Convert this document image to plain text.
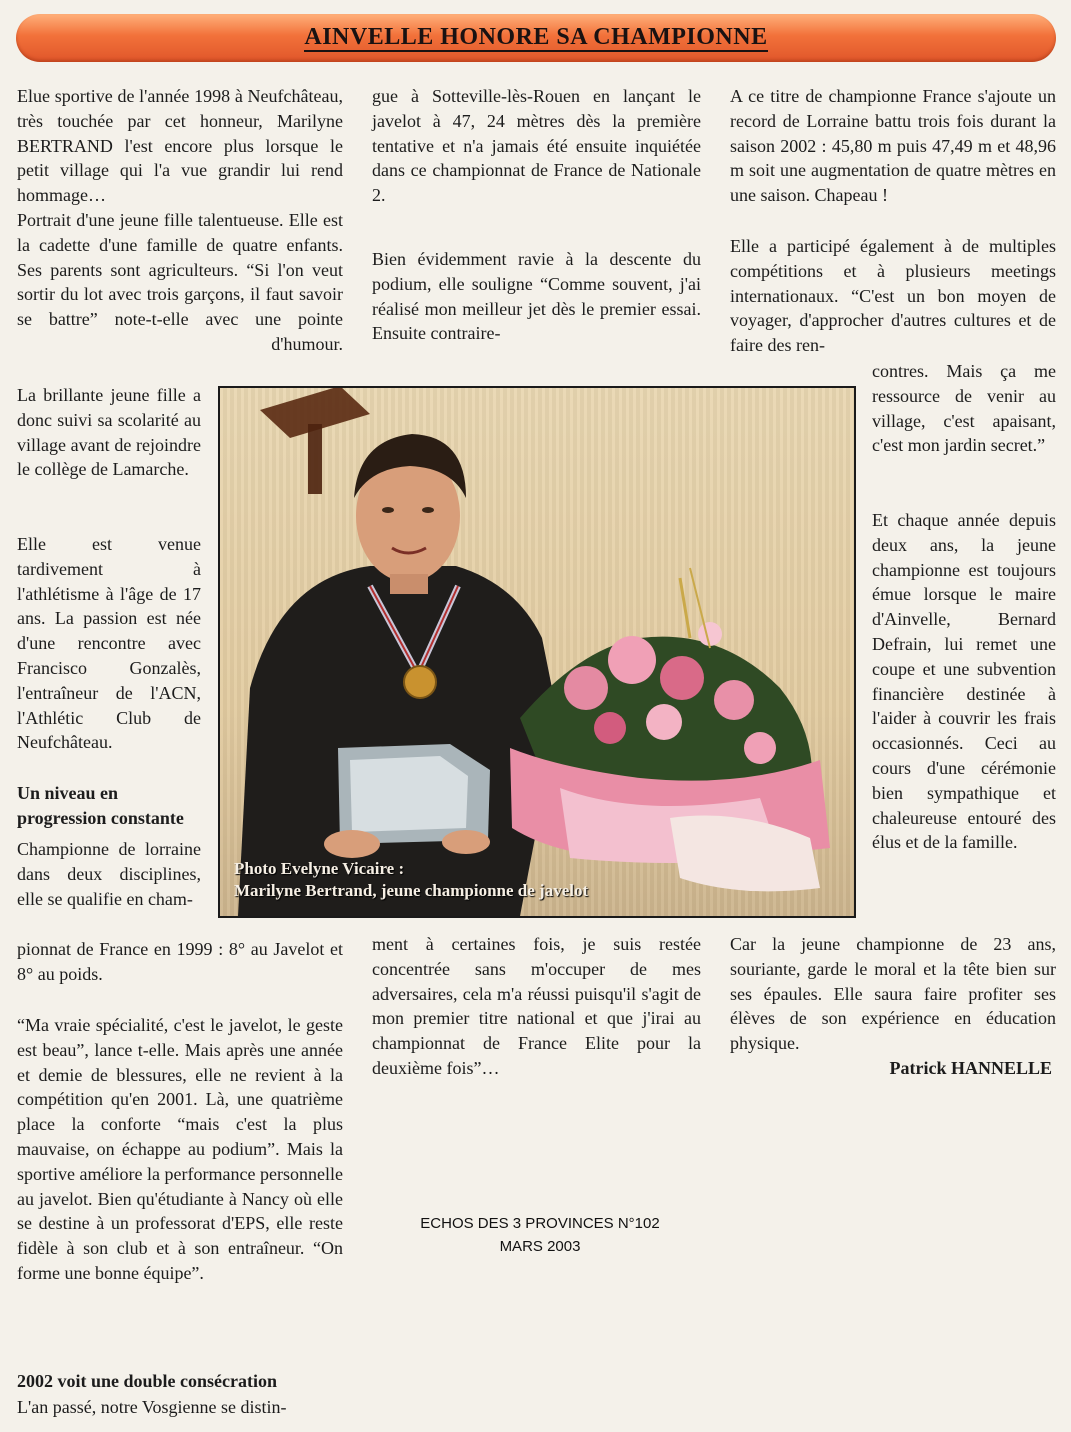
AINVELLE HONORE SA CHAMPIONNE

Elue sportive de l'année 1998 à Neufchâteau, très touchée par cet honneur, Marilyne BERTRAND l'est encore plus lorsque le petit village qui l'a vue grandir lui rend hommage…

Portrait d'une jeune fille talentueuse. Elle est la cadette d'une famille de quatre enfants. Ses parents sont agriculteurs. “Si l'on veut sortir du lot avec trois garçons, il faut savoir se battre” note-t-elle avec une pointe d'humour.

La brillante jeune fille a donc suivi sa scolarité au village avant de rejoindre le collège de Lamarche.

Elle est venue tardivement à l'athlétisme à l'âge de 17 ans. La passion est née d'une rencontre avec Francisco Gonzalès, l'entraîneur de l'ACN, l'Athlétic Club de Neufchâteau.

Un niveau en progression constante

Championne de lorraine dans deux disciplines, elle se qualifie en cham-

pionnat de France en 1999 : 8° au Javelot et 8° au poids.

“Ma vraie spécialité, c'est le javelot, le geste est beau”, lance t-elle. Mais après une année et demie de blessures, elle ne revient à la compétition qu'en 2001. Là, une quatrième place la conforte “mais c'est la plus mauvaise, on échappe au podium”. Mais la sportive améliore la performance personnelle au javelot. Bien qu'étudiante à Nancy où elle se destine à un professorat d'EPS, elle reste fidèle à son club et à son entraîneur. “On forme une bonne équipe”.

2002 voit une double consécration

L'an passé, notre Vosgienne se distin-

gue à Sotteville-lès-Rouen en lançant le javelot à 47, 24 mètres dès la première tentative et n'a jamais été ensuite inquiétée dans ce championnat de France de Nationale 2.

Bien évidemment ravie à la descente du podium, elle souligne “Comme souvent, j'ai réalisé mon meilleur jet dès le premier essai. Ensuite contraire-

ment à certaines fois, je suis restée concentrée sans m'occuper de mes adversaires, cela m'a réussi puisqu'il s'agit de mon premier titre national et que j'irai au championnat de France Elite pour la deuxième fois”…

A ce titre de championne France s'ajoute un record de Lorraine battu trois fois durant la saison 2002 : 45,80 m puis 47,49 m et 48,96 m soit une augmentation de quatre mètres en une saison. Chapeau !

Elle a participé également à de multiples compétitions et à plusieurs meetings internationaux. “C'est un bon moyen de voyager, d'approcher d'autres cultures et de faire des ren-

contres. Mais ça me ressource de venir au village, c'est apaisant, c'est mon jardin secret.”

Et chaque année depuis deux ans, la jeune championne est toujours émue lorsque le maire d'Ainvelle, Bernard Defrain, lui remet une coupe et une subvention financière destinée à l'aider à couvrir les frais occasionnés. Ceci au cours d'une cérémonie bien sympathique et chaleureuse entouré des élus et de la famille.

Car la jeune championne de 23 ans, souriante, garde le moral et la tête bien sur ses épaules. Elle saura faire profiter ses élèves de son expérience en éducation physique.

Patrick HANNELLE
Photo Evelyne Vicaire :
Marilyne Bertrand, jeune championne de javelot
ECHOS DES 3 PROVINCES N°102
MARS 2003
